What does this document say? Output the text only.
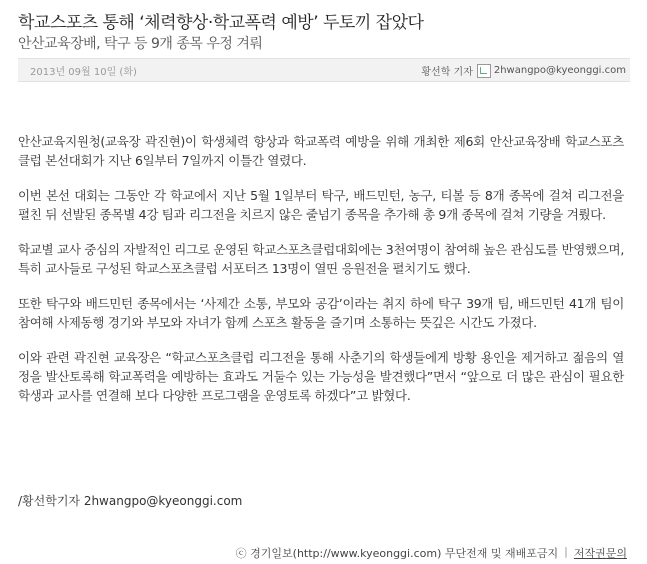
학교스포츠 통해 ‘체력향상·학교폭력 예방’ 두토끼 잡았다
안산교육장배, 탁구 등 9개 종목 우정 겨뤄
2013년 09월 10일 (화)	황선학 기자 2hwangpo@kyeonggi.com

안산교육지원청(교육장 곽진현)이 학생체력 향상과 학교폭력 예방을 위해 개최한 제6회 안산교육장배 학교스포츠클럽 본선대회가 지난 6일부터 7일까지 이틀간 열렸다.

이번 본선 대회는 그동안 각 학교에서 지난 5월 1일부터 탁구, 배드민턴, 농구, 티볼 등 8개 종목에 걸쳐 리그전을 펼친 뒤 선발된 종목별 4강 팀과 리그전을 치르지 않은 줄넘기 종목을 추가해 총 9개 종목에 걸쳐 기량을 겨뤘다.

학교별 교사 중심의 자발적인 리그로 운영된 학교스포츠클럽대회에는 3천여명이 참여해 높은 관심도를 반영했으며, 특히 교사들로 구성된 학교스포츠클럽 서포터즈 13명이 열띤 응원전을 펼치기도 했다.

또한 탁구와 배드민턴 종목에서는 ‘사제간 소통, 부모와 공감’이라는 취지 하에 탁구 39개 팀, 배드민턴 41개 팀이 참여해 사제동행 경기와 부모와 자녀가 함께 스포츠 활동을 즐기며 소통하는 뜻깊은 시간도 가졌다.

이와 관련 곽진현 교육장은 “학교스포츠클럽 리그전을 통해 사춘기의 학생들에게 방황 용인을 제거하고 젊음의 열정을 발산토록해 학교폭력을 예방하는 효과도 거둘수 있는 가능성을 발견했다”면서 “앞으로 더 많은 관심이 필요한 학생과 교사를 연결해 보다 다양한 프로그램을 운영토록 하겠다”고 밝혔다.

/황선학기자 2hwangpo@kyeonggi.com
ⓒ 경기일보(http://www.kyeonggi.com) 무단전재 및 재배포금지 | 저작권문의
